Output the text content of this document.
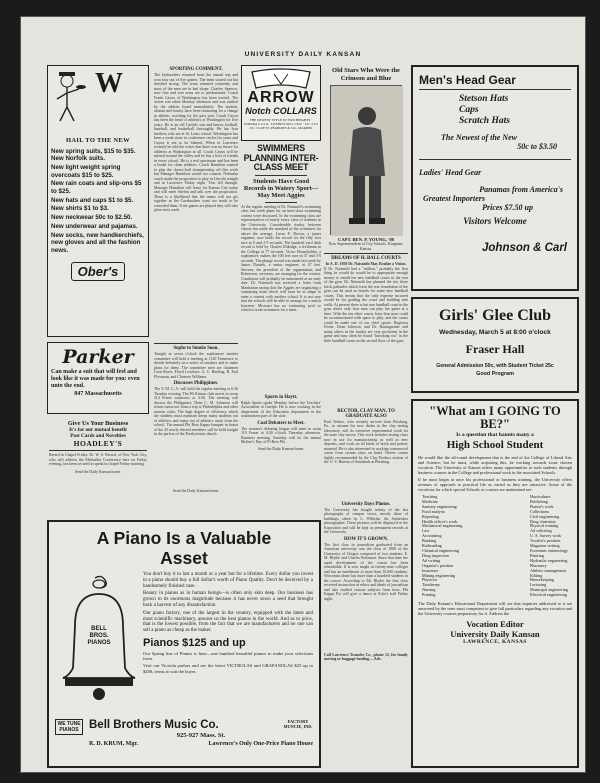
UNIVERSITY DAILY KANSAN
W
HAIL TO THE NEW
New spring suits, $15 to $35. New Norfolk suits.
New light weight spring overcoats $15 to $25.
New rain coats and slip-ons $5 to $25.
New hats and caps $1 to $5.
New shirts $1 to $3.
New neckwear 50c to $2.50.
New underwear and pajamas.
New socks, new handkerchiefs, new gloves and all the fashion news.
Ober's
Parker
Can make a suit that will feel and look like it was made for you: even unto the end.
847 Massachusetts
Give Us Your Business
It's for our mutual benefit
Post Cards and Novelties
HOADLEY'S
Berard in Chapel Friday. Dr. W. S. Berard, of New York City, who will address the Methodist Conference here on Friday evening, has been secured to speak in chapel Friday morning.
Send the Daily Kansan home.
SPORTING COMMENT.
The Jayhawkers returned from the annual trip and won four out of five games. The team started out but finished strong. The team returned yesterday and most of the men are in bad shape. Charley Spencer, now first and sore arms are to predominate. Coach Frank Cayou of Washington has been invited. The action was taken Monday afternoon and was ratified by the athletic board immediately. The student, alumni and faculty have been clamoring for a change in athletic coaching for the past year. Coach Cayou has been the head of athletics at Washington for five years. He is an old Carlisle star and knows football, baseball, and basketball thoroughly. He has four brothers who are at St. Louis school. Washington has been a weak sister in conference circles for years and Cayou is not to be blamed. When in Lawrence recently he told the writer that there was no future for athletics at Washington at all. Coach Cayou will be missed around the valley and he has a host of friends in every school. He is a real sportsman and has been a leader for clean athletics. Coach Hamilton wanted to play the doctor-ball championship off this week but Manager Hamilton would not consent. Nebraska coach made the proposition to play in Lincoln tonight and in Lawrence Friday night. This fell through. Manager Hamilton will leave for Kansas City today and will meet Stiehm and talk over the proposition. There is a likelihood that the teams will not get together as the Cornhuskers want too much to be conceded them. If the games are played they will take place next week.
Sophs to Smoke Soon.
Tonight at seven o'clock the sophomore smoker committee will hold a meeting at 1120 Tennessee to decide definitely on a series of smokers and to make plans for them. The committee men are chairmen Leon Rowe, Floyd Lovelace, G. C. Harding, R. Earl Plowman, and Clarence Williams.
Discusses Philippines.
The Y. M. C. A. will hold the regular meeting at 6:30 Tuesday evening. The Hi Kinson club meets in room 114 Fraser tomorrow at 4:30. The meeting will discuss the Philippines. Dean C. M. Johnston will return tomorrow from a trip to Philadelphia and other eastern cities. The high degree of efficiency which the students must maintain keeps many students out of athletics and many out of athletics away from the school. The annual Phi Beta Kappa banquet in honor of the 25 newly elected members will be held tonight in the parlors of the Presbyterian church.
Send the Daily Kansan home.
ARROW
Notch COLLARS
THE NEWEST STYLE IN TWO HEIGHTS · INDORA 2 1/4 in · LEXINGTON 2 1/8 in · 15c. 2 for 25c. CLUETT, PEABODY & CO., MAKERS
SWIMMERS PLANNING INTER-CLASS MEET
Students Have Good Records in Watery Sport—May Meet Aggies
At the regular meeting of Dr. Naismith's swimming class last week plans for an inter-class swimming contest were discussed. In the swimming class are representatives of nearly every class of students in the University. Considerable rivalry between classes has made the standard of the swimmers far above the average. Lucas E. Brown, a junior engineer, now holds the record for the fifty foot race at 8 and 2-5 seconds. The hundred yard dash record is held by Charles Eldridge, a freshman in the College at 77 seconds. Victor Householder, a sophomore, makes the 100 feet race in 37 and 3-5 seconds. The plunge record was made last week by James Daniels, a senior engineer, at 47 feet. Stevens, the president of the organization, and Robertson, secretary, are arranging for the contest. Conditions will probably be announced at an early date. Dr. Naismith has received a letter from Manhattan saying that the Aggies are organizing a swimming team which will soon be in shape to enter a contest with another school. It is not sure that the schools will be able to arrange for a match however. Missouri has no swimming pool so which to train swimmers for a meet.
Sports in Haytt.
Ralph Spotts spoke Monday before the Teachers' Association at Guelph. He is now working in the department of the Education department in the southeastern part of the state.
Coal Debaters to Meet.
The women's debating league will meet in room 110 Fraser at 4:30 o'clock Thursday afternoon. Business meeting. Saturday will be the annual Mother's Day of Pi Beta Phi.
Send the Daily Kansan home.
Old Stars Who Were the Crimson and Blue
CAPT. BEN. P. YOUNG, '08
Now Superintendent of City Schools, Kingman, Kansas.
DREAMS OF H. BALL COURTS
In A. D. 1950 Dr. Naismith May Realize a Vision.
If Dr. Naismith had a "million," probably the first thing he would do would be to appropriate enough money to install ten new handball courts in the rear of the gym. Dr. Naismith has planned the ten, these brick palisades which form the rear foundation of the gym can be used as boards for some new handball courts. This means that the only expense incurred would be for grading the court and building side walls. At present there is but one handball court in the gym where only four men can play the game at a time. With the ten other courts forty-four men could be accommodated with space to play, and the courts could be made one of our chief sports. Registrar Foster, Dean Johnson, and Dr. Baumgartner and many others in the faculty are very proficient in the game and may often be found "knocking out" in the little handball room on the second floor of the gym.
RECTOR, CLAY MAN, TO GRADUATE ALSO
Paul Teeters, who recently arrived from Pittsburg, Pa., to assume his new duties in the clay testing laboratory, will do extensive experimental work for the state clay survey. This work includes testing clays now in use for manufacturing as well as new deposits, and work on all kinds of brick and pottery material. He is also interested in working commercial wares from certain clays on hand. Teeters comes highly recommended by the Clay Product section of the U. S. Bureau of Standards at Pittsburg.
University Days Photos.
The University has bought twenty of the last photographs of campus views, mostly those of buildings, taken by L. Wilhelm, the Jayhawker photographer. These pictures will be displayed in the Exposition and will be kept as permanent records at the University.
HOW IT'S GROWN.
The first class in journalism graduated from an American university was the class of 1908 of the University of Oregon composed of two students, E. M. Blythe and Charles Robinson. Since that time the rapid development of the course has been remarkable. It is now taught in twenty-nine colleges and has an enrollment of more than 10,000 students. Wisconsin alone has more than a hundred students in the course. According to Mr. Blythe the first class received instruction in ethics and ideals of journalism and also studied various subjects from texts. Phi Kappa Psi will give a dance at Ecke's hall Friday night.
Call Lawrence Transfer Co., phone 12, for family moving or baggage hauling.—Adv.
Men's Head Gear
Stetson Hats
Caps
Scratch Hats
The Newest of the New
50c to $3.50
Ladies' Head Gear
Panamas from America's
Greatest Importers
Prices $7.50 up
Visitors Welcome
Johnson & Carl
Girls' Glee Club
Wednesday, March 5 at 8:00 o'clock
Fraser Hall
General Admission 50c, with Student Ticket 25c
Good Program
"What am I GOING TO BE?"
Is a question that haunts many a
High School Student
He would like the all-round development that is the end of the College of Liberal Arts and Science; but he must, while acquiring this, be working towards some chosen vocation. The University of Kansas offers many opportunities to such students through business courses in the College and professional work in the associated Schools.
If he must begin at once his professional or business training, the University offers avenues of approach to practical life as varied as they are attractive. Some of the vocations for which special Schools or courses are maintained are:
Teaching
Medicine
Sanitary engineering
Food analysis
Reporting
Health officer's work
Mechanical engineering
Law
Accounting
Banking
Railroading
Chemical engineering
Drug inspection
Ad writing
Organist's position
Insurance
Mining engineering
Physicist
Taxidermy
Nursing
Printing
Horticulture
Publishing
Pianist's work
Collections
Civil engineering
Drug chemistry
Physical training
Ad soliciting
U. S. Survey work
Vocalist's position
Magazine writing
Economic entomology
Painting
Hydraulic engineering
Pharmacy
Athletic management
Editing
Housekeeping
Lecturing
Municipal engineering
Electrical engineering
The Daily Kansan's Educational Department will see that inquiries addressed to it are answered by the ones most competent to give full particulars regarding any vocation and the University courses preparatory for it. Address the
Vocation Editor
University Daily Kansan
LAWRENCE, KANSAS
A Piano Is a Valuable Asset
BELL BROS. PIANOS
You don't buy it to last a month or a year but for a lifetime. Every dollar you invest in a piano should buy a full dollar's worth of Piano Quality. Don't be deceived by a handsomely finished case.
Beauty in pianos as in human beings—is often only skin deep. Our business has grown to its enormous magnitude because it has never sown a seed that brought back a harvest of any dissatisfaction.
Our piano factory, one of the largest in the country, equipped with the latest and most scientific machinery, assures us the best pianos in the world. And as to price, that is the lowest possible, from the fact that we are manufacturers and no one can sell a piano as cheap as the maker.
Pianos $125 and up
Our Spring line of Pianos is here—one hundred beautiful pianos to make your selections from.
Visit our Victrola parlors and see the latest VICTROLAS and GRAFANOLAS $25 up to $200, terms to suit the buyer.
WE TUNE PIANOS Bell Brothers Music Co.	FACTORY MUNCIE, IND.
925-927 Mass. St.
R. D. KRUM, Mgr.	Lawrence's Only One-Price Piano House
